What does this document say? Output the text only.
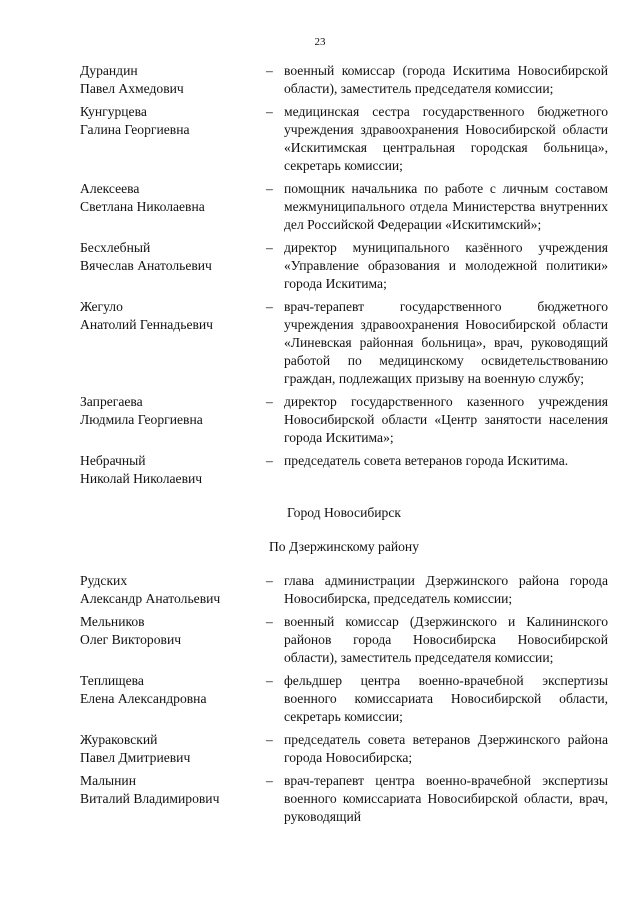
23
Дурандин
Павел Ахмедович
– военный комиссар (города Искитима Новосибирской области), заместитель председателя комиссии;
Кунгурцева
Галина Георгиевна
– медицинская сестра государственного бюджетного учреждения здравоохранения Новосибирской области «Искитимская центральная городская больница», секретарь комиссии;
Алексеева
Светлана Николаевна
– помощник начальника по работе с личным составом межмуниципального отдела Министерства внутренних дел Российской Федерации «Искитимский»;
Бесхлебный
Вячеслав Анатольевич
– директор муниципального казённого учреждения «Управление образования и молодежной политики» города Искитима;
Жегуло
Анатолий Геннадьевич
– врач-терапевт государственного бюджетного учреждения здравоохранения Новосибирской области «Линевская районная больница», врач, руководящий работой по медицинскому освидетельствованию граждан, подлежащих призыву на военную службу;
Запрегаева
Людмила Георгиевна
– директор государственного казенного учреждения Новосибирской области «Центр занятости населения города Искитима»;
Небрачный
Николай Николаевич
– председатель совета ветеранов города Искитима.
Город Новосибирск
По Дзержинскому району
Рудских
Александр Анатольевич
– глава администрации Дзержинского района города Новосибирска, председатель комиссии;
Мельников
Олег Викторович
– военный комиссар (Дзержинского и Калининского районов города Новосибирска Новосибирской области), заместитель председателя комиссии;
Теплищева
Елена Александровна
– фельдшер центра военно-врачебной экспертизы военного комиссариата Новосибирской области, секретарь комиссии;
Жураковский
Павел Дмитриевич
– председатель совета ветеранов Дзержинского района города Новосибирска;
Малынин
Виталий Владимирович
– врач-терапевт центра военно-врачебной экспертизы военного комиссариата Новосибирской области, врач, руководящий
